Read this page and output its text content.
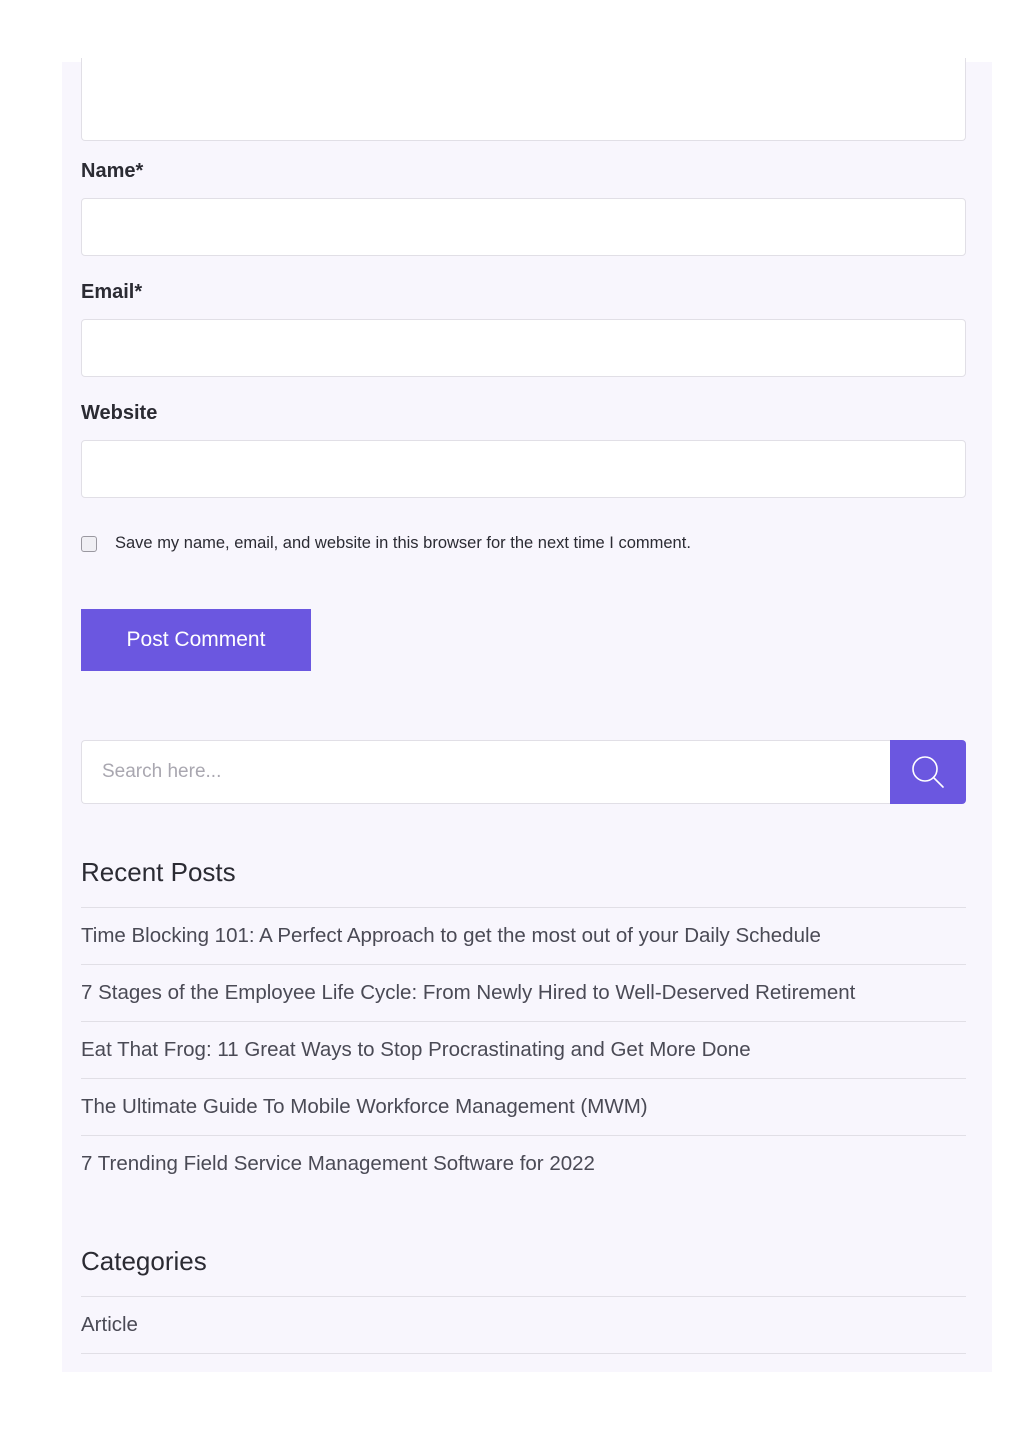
Name*
Email*
Website
Save my name, email, and website in this browser for the next time I comment.
Post Comment
Search here...
Recent Posts
Time Blocking 101: A Perfect Approach to get the most out of your Daily Schedule
7 Stages of the Employee Life Cycle: From Newly Hired to Well-Deserved Retirement
Eat That Frog: 11 Great Ways to Stop Procrastinating and Get More Done
The Ultimate Guide To Mobile Workforce Management (MWM)
7 Trending Field Service Management Software for 2022
Categories
Article
